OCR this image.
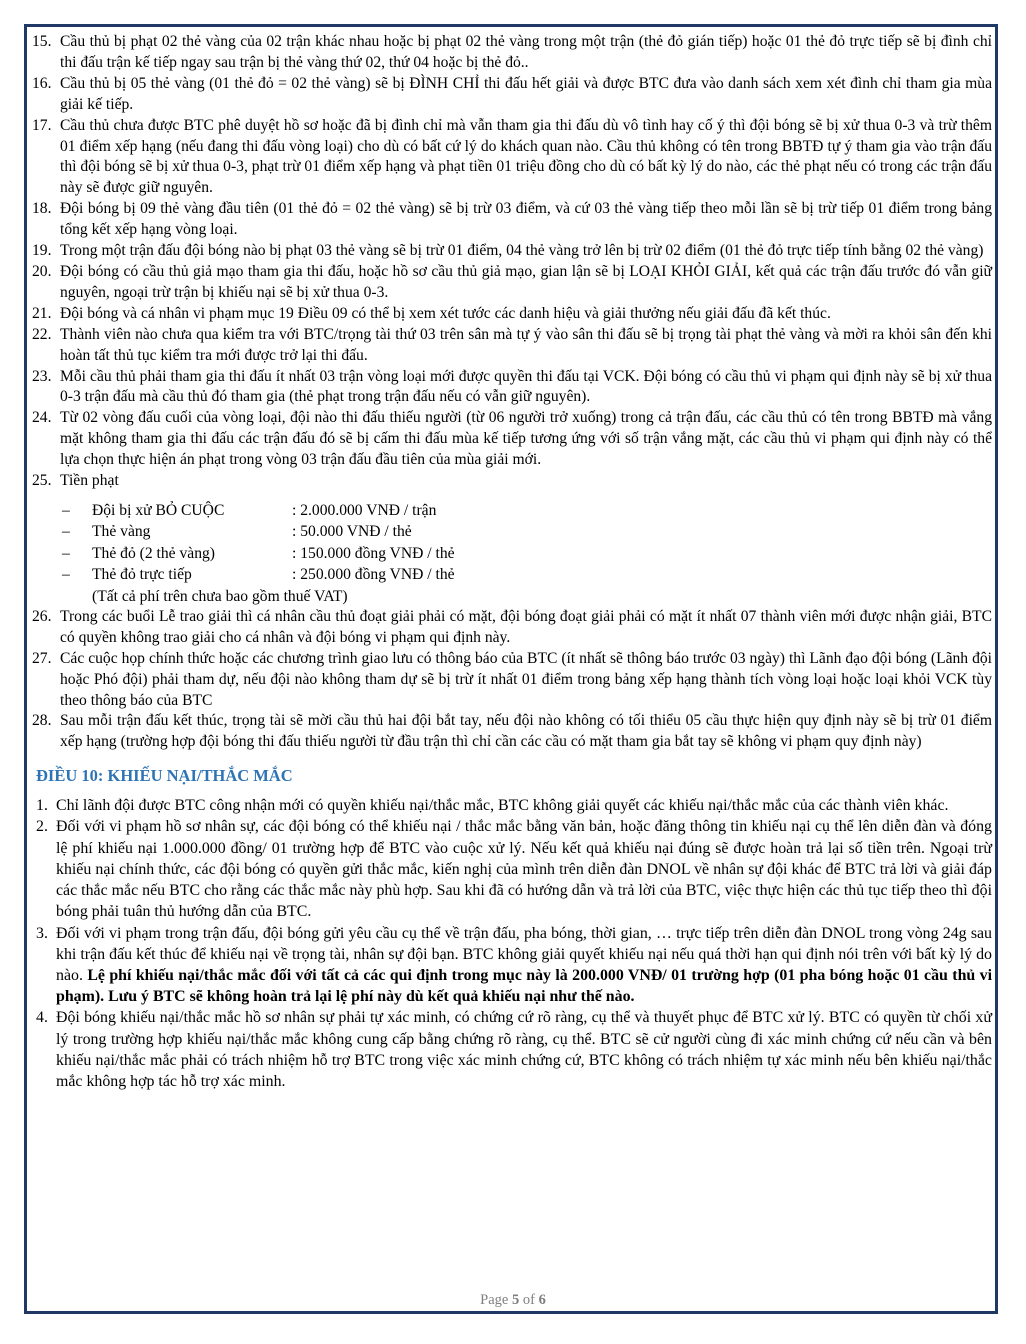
15. Cầu thủ bị phạt 02 thẻ vàng của 02 trận khác nhau hoặc bị phạt 02 thẻ vàng trong một trận (thẻ đỏ gián tiếp) hoặc 01 thẻ đỏ trực tiếp sẽ bị đình chỉ thi đấu trận kế tiếp ngay sau trận bị thẻ vàng thứ 02, thứ 04 hoặc bị thẻ đỏ..
16. Cầu thủ bị 05 thẻ vàng (01 thẻ đỏ = 02 thẻ vàng) sẽ bị ĐÌNH CHỈ thi đấu hết giải và được BTC đưa vào danh sách xem xét đình chỉ tham gia mùa giải kế tiếp.
17. Cầu thủ chưa được BTC phê duyệt hồ sơ hoặc đã bị đình chỉ mà vẫn tham gia thi đấu dù vô tình hay cố ý thì đội bóng sẽ bị xử thua 0-3 và trừ thêm 01 điểm xếp hạng (nếu đang thi đấu vòng loại) cho dù có bất cứ lý do khách quan nào. Cầu thủ không có tên trong BBTĐ tự ý tham gia vào trận đấu thì đội bóng sẽ bị xử thua 0-3, phạt trừ 01 điểm xếp hạng và phạt tiền 01 triệu đồng cho dù có bất kỳ lý do nào, các thẻ phạt nếu có trong các trận đấu này sẽ được giữ nguyên.
18. Đội bóng bị 09 thẻ vàng đầu tiên (01 thẻ đỏ = 02 thẻ vàng) sẽ bị trừ 03 điểm, và cứ 03 thẻ vàng tiếp theo mỗi lần sẽ bị trừ tiếp 01 điểm trong bảng tổng kết xếp hạng vòng loại.
19. Trong một trận đấu đội bóng nào bị phạt 03 thẻ vàng sẽ bị trừ 01 điểm, 04 thẻ vàng trở lên bị trừ 02 điểm (01 thẻ đỏ trực tiếp tính bằng 02 thẻ vàng)
20. Đội bóng có cầu thủ giả mạo tham gia thi đấu, hoặc hồ sơ cầu thủ giả mạo, gian lận sẽ bị LOẠI KHỎI GIẢI, kết quả các trận đấu trước đó vẫn giữ nguyên, ngoại trừ trận bị khiếu nại sẽ bị xử thua 0-3.
21. Đội bóng và cá nhân vi phạm mục 19 Điều 09 có thể bị xem xét tước các danh hiệu và giải thưởng nếu giải đấu đã kết thúc.
22. Thành viên nào chưa qua kiểm tra với BTC/trọng tài thứ 03 trên sân mà tự ý vào sân thi đấu sẽ bị trọng tài phạt thẻ vàng và mời ra khỏi sân đến khi hoàn tất thủ tục kiểm tra mới được trở lại thi đấu.
23. Mỗi cầu thủ phải tham gia thi đấu ít nhất 03 trận vòng loại mới được quyền thi đấu tại VCK. Đội bóng có cầu thủ vi phạm qui định này sẽ bị xử thua 0-3 trận đấu mà cầu thủ đó tham gia (thẻ phạt trong trận đấu nếu có vẫn giữ nguyên).
24. Từ 02 vòng đấu cuối của vòng loại, đội nào thi đấu thiếu người (từ 06 người trở xuống) trong cả trận đấu, các cầu thủ có tên trong BBTĐ mà vắng mặt không tham gia thi đấu các trận đấu đó sẽ bị cấm thi đấu mùa kế tiếp tương ứng với số trận vắng mặt, các cầu thủ vi phạm qui định này có thể lựa chọn thực hiện án phạt trong vòng 03 trận đấu đầu tiên của mùa giải mới.
25. Tiền phạt
– Đội bị xử BỎ CUỘC	: 2.000.000 VNĐ / trận
– Thẻ vàng	: 50.000 VNĐ / thẻ
– Thẻ đỏ (2 thẻ vàng)	: 150.000 đồng VNĐ / thẻ
– Thẻ đỏ trực tiếp	: 250.000 đồng VNĐ / thẻ
(Tất cả phí trên chưa bao gồm thuế VAT)
26. Trong các buổi Lễ trao giải thì cá nhân cầu thủ đoạt giải phải có mặt, đội bóng đoạt giải phải có mặt ít nhất 07 thành viên mới được nhận giải, BTC có quyền không trao giải cho cá nhân và đội bóng vi phạm qui định này.
27. Các cuộc họp chính thức hoặc các chương trình giao lưu có thông báo của BTC (ít nhất sẽ thông báo trước 03 ngày) thì Lãnh đạo đội bóng (Lãnh đội hoặc Phó đội) phải tham dự, nếu đội nào không tham dự sẽ bị trừ ít nhất 01 điểm trong bảng xếp hạng thành tích vòng loại hoặc loại khỏi VCK tùy theo thông báo của BTC
28. Sau mỗi trận đấu kết thúc, trọng tài sẽ mời cầu thủ hai đội bắt tay, nếu đội nào không có tối thiểu 05 cầu thực hiện quy định này sẽ bị trừ 01 điểm xếp hạng (trường hợp đội bóng thi đấu thiếu người từ đầu trận thì chỉ cần các cầu có mặt tham gia bắt tay sẽ không vi phạm quy định này)
ĐIỀU 10: KHIẾU NẠI/THẮC MẮC
1. Chỉ lãnh đội được BTC công nhận mới có quyền khiếu nại/thắc mắc, BTC không giải quyết các khiếu nại/thắc mắc của các thành viên khác.
2. Đối với vi phạm hồ sơ nhân sự, các đội bóng có thể khiếu nại / thắc mắc bằng văn bản, hoặc đăng thông tin khiếu nại cụ thể lên diễn đàn và đóng lệ phí khiếu nại 1.000.000 đồng/ 01 trường hợp để BTC vào cuộc xử lý. Nếu kết quả khiếu nại đúng sẽ được hoàn trả lại số tiền trên. Ngoại trừ khiếu nại chính thức, các đội bóng có quyền gửi thắc mắc, kiến nghị của mình trên diễn đàn DNOL về nhân sự đội khác để BTC trả lời và giải đáp các thắc mắc nếu BTC cho rằng các thắc mắc này phù hợp. Sau khi đã có hướng dẫn và trả lời của BTC, việc thực hiện các thủ tục tiếp theo thì đội bóng phải tuân thủ hướng dẫn của BTC.
3. Đối với vi phạm trong trận đấu, đội bóng gửi yêu cầu cụ thể về trận đấu, pha bóng, thời gian, … trực tiếp trên diễn đàn DNOL trong vòng 24g sau khi trận đấu kết thúc để khiếu nại về trọng tài, nhân sự đội bạn. BTC không giải quyết khiếu nại nếu quá thời hạn qui định nói trên với bất kỳ lý do nào. Lệ phí khiếu nại/thắc mắc đối với tất cả các qui định trong mục này là 200.000 VNĐ/ 01 trường hợp (01 pha bóng hoặc 01 cầu thủ vi phạm). Lưu ý BTC sẽ không hoàn trả lại lệ phí này dù kết quả khiếu nại như thế nào.
4. Đội bóng khiếu nại/thắc mắc hồ sơ nhân sự phải tự xác minh, có chứng cứ rõ ràng, cụ thể và thuyết phục để BTC xử lý. BTC có quyền từ chối xử lý trong trường hợp khiếu nại/thắc mắc không cung cấp bằng chứng rõ ràng, cụ thể. BTC sẽ cử người cùng đi xác minh chứng cứ nếu cần và bên khiếu nại/thắc mắc phải có trách nhiệm hỗ trợ BTC trong việc xác minh chứng cứ, BTC không có trách nhiệm tự xác minh nếu bên khiếu nại/thắc mắc không hợp tác hỗ trợ xác minh.
Page 5 of 6
